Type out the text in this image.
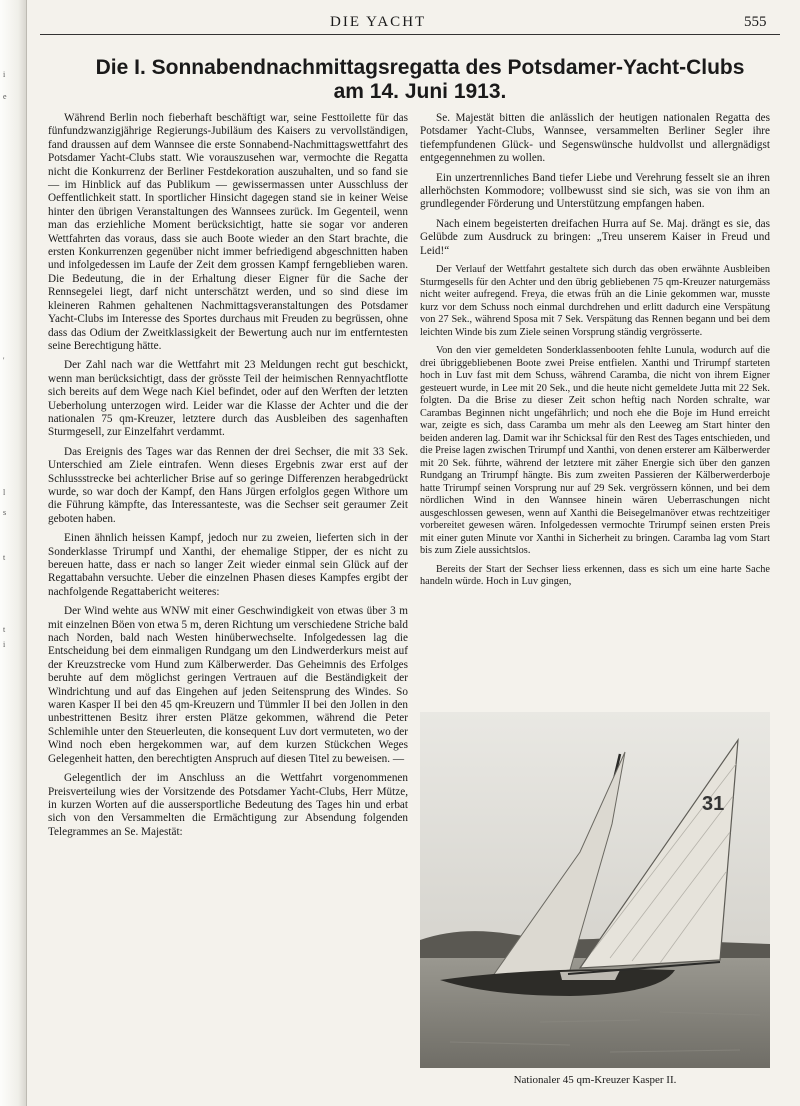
i
e
'
l
s
t
t
i
DIE YACHT	555
Die I. Sonnabendnachmittagsregatta des Potsdamer-Yacht-Clubs
am 14. Juni 1913.

Während Berlin noch fieberhaft beschäftigt war, seine Festtoilette für das fünfundzwanzigjährige Regierungs-Jubiläum des Kaisers zu vervollständigen, fand draussen auf dem Wannsee die erste Sonnabend-Nachmittagswettfahrt des Potsdamer Yacht-Clubs statt. Wie vorauszusehen war, vermochte die Regatta nicht die Konkurrenz der Berliner Festdekoration auszuhalten, und so fand sie — im Hinblick auf das Publikum — gewissermassen unter Ausschluss der Oeffentlichkeit statt. In sportlicher Hinsicht dagegen stand sie in keiner Weise hinter den übrigen Veranstaltungen des Wannsees zurück. Im Gegenteil, wenn man das erziehliche Moment berücksichtigt, hatte sie sogar vor anderen Wettfahrten das voraus, dass sie auch Boote wieder an den Start brachte, die ersten Konkurrenzen gegenüber nicht immer befriedigend abgeschnitten haben und infolgedessen im Laufe der Zeit dem grossen Kampf ferngeblieben waren. Die Bedeutung, die in der Erhaltung dieser Eigner für die Sache der Rennsegelei liegt, darf nicht unterschätzt werden, und so sind diese im kleineren Rahmen gehaltenen Nachmittagsveranstaltungen des Potsdamer Yacht-Clubs im Interesse des Sportes durchaus mit Freuden zu begrüssen, ohne dass das Odium der Zweitklassigkeit der Bewertung auch nur im entferntesten seine Berechtigung hätte.

Der Zahl nach war die Wettfahrt mit 23 Meldungen recht gut beschickt, wenn man berücksichtigt, dass der grösste Teil der heimischen Rennyachtflotte sich bereits auf dem Wege nach Kiel befindet, oder auf den Werften der letzten Ueberholung unterzogen wird. Leider war die Klasse der Achter und die der nationalen 75 qm-Kreuzer, letztere durch das Ausbleiben des sagenhaften Sturmgesell, zur Einzelfahrt verdammt.

Das Ereignis des Tages war das Rennen der drei Sechser, die mit 33 Sek. Unterschied am Ziele eintrafen. Wenn dieses Ergebnis zwar erst auf der Schlussstrecke bei achterlicher Brise auf so geringe Differenzen herabgedrückt wurde, so war doch der Kampf, den Hans Jürgen erfolglos gegen Withore um die Führung kämpfte, das Interessanteste, was die Sechser seit geraumer Zeit geboten haben.

Einen ähnlich heissen Kampf, jedoch nur zu zweien, lieferten sich in der Sonderklasse Trirumpf und Xanthi, der ehemalige Stipper, der es nicht zu bereuen hatte, dass er nach so langer Zeit wieder einmal sein Glück auf der Regattabahn versuchte. Ueber die einzelnen Phasen dieses Kampfes ergibt der nachfolgende Regattabericht weiteres:

Der Wind wehte aus WNW mit einer Geschwindigkeit von etwas über 3 m mit einzelnen Böen von etwa 5 m, deren Richtung um verschiedene Striche bald nach Norden, bald nach Westen hinüberwechselte. Infolgedessen lag die Entscheidung bei dem einmaligen Rundgang um den Lindwerderkurs meist auf der Kreuzstrecke vom Hund zum Kälberwerder. Das Geheimnis des Erfolges beruhte auf dem möglichst geringen Vertrauen auf die Beständigkeit der Windrichtung und auf das Eingehen auf jeden Seitensprung des Windes. So waren Kasper II bei den 45 qm-Kreuzern und Tümmler II bei den Jollen in den unbestrittenen Besitz ihrer ersten Plätze gekommen, während die Peter Schlemihle unter den Steuerleuten, die konsequent Luv dort vermuteten, wo der Wind noch eben hergekommen war, auf dem kurzen Stückchen Weges Gelegenheit hatten, den berechtigten Anspruch auf diesen Titel zu beweisen. —

Gelegentlich der im Anschluss an die Wettfahrt vorgenommenen Preisverteilung wies der Vorsitzende des Potsdamer Yacht-Clubs, Herr Mütze, in kurzen Worten auf die aussersportliche Bedeutung des Tages hin und erbat sich von den Versammelten die Ermächtigung zur Absendung folgenden Telegrammes an Se. Majestät:

Se. Majestät bitten die anlässlich der heutigen nationalen Regatta des Potsdamer Yacht-Clubs, Wannsee, versammelten Berliner Segler ihre tiefempfundenen Glück- und Segenswünsche huldvollst und allergnädigst entgegennehmen zu wollen.

Ein unzertrennliches Band tiefer Liebe und Verehrung fesselt sie an ihren allerhöchsten Kommodore; vollbewusst sind sie sich, was sie von ihm an grundlegender Förderung und Unterstützung empfangen haben.

Nach einem begeisterten dreifachen Hurra auf Se. Maj. drängt es sie, das Gelübde zum Ausdruck zu bringen: „Treu unserem Kaiser in Freud und Leid!“

Der Verlauf der Wettfahrt gestaltete sich durch das oben erwähnte Ausbleiben Sturmgesells für den Achter und den übrig gebliebenen 75 qm-Kreuzer naturgemäss nicht weiter aufregend. Freya, die etwas früh an die Linie gekommen war, musste kurz vor dem Schuss noch einmal durchdrehen und erlitt dadurch eine Verspätung von 27 Sek., während Sposa mit 7 Sek. Verspätung das Rennen begann und bei dem leichten Winde bis zum Ziele seinen Vorsprung ständig vergrösserte.

Von den vier gemeldeten Sonderklassenbooten fehlte Lunula, wodurch auf die drei übriggebliebenen Boote zwei Preise entfielen. Xanthi und Trirumpf starteten hoch in Luv fast mit dem Schuss, während Caramba, die nicht von ihrem Eigner gesteuert wurde, in Lee mit 20 Sek., und die heute nicht gemeldete Jutta mit 22 Sek. folgten. Da die Brise zu dieser Zeit schon heftig nach Norden schralte, war Carambas Beginnen nicht ungefährlich; und noch ehe die Boje im Hund erreicht war, zeigte es sich, dass Caramba um mehr als den Leeweg am Start hinter den beiden anderen lag. Damit war ihr Schicksal für den Rest des Tages entschieden, und die Preise lagen zwischen Trirumpf und Xanthi, von denen ersterer am Kälberwerder mit 20 Sek. führte, während der letztere mit zäher Energie sich über den ganzen Rundgang an Trirumpf hängte. Bis zum zweiten Passieren der Kälberwerderboje hatte Trirumpf seinen Vorsprung nur auf 29 Sek. vergrössern können, und bei dem nördlichen Wind in den Wannsee hinein wären Ueberraschungen nicht ausgeschlossen gewesen, wenn auf Xanthi die Beisegelmanöver etwas rechtzeitiger vorbereitet gewesen wären. Infolgedessen vermochte Trirumpf seinen ersten Preis mit einer guten Minute vor Xanthi in Sicherheit zu bringen. Caramba lag vom Start bis zum Ziele aussichtslos.

Bereits der Start der Sechser liess erkennen, dass es sich um eine harte Sache handeln würde. Hoch in Luv gingen,

31
Nationaler 45 qm-Kreuzer Kasper II.
